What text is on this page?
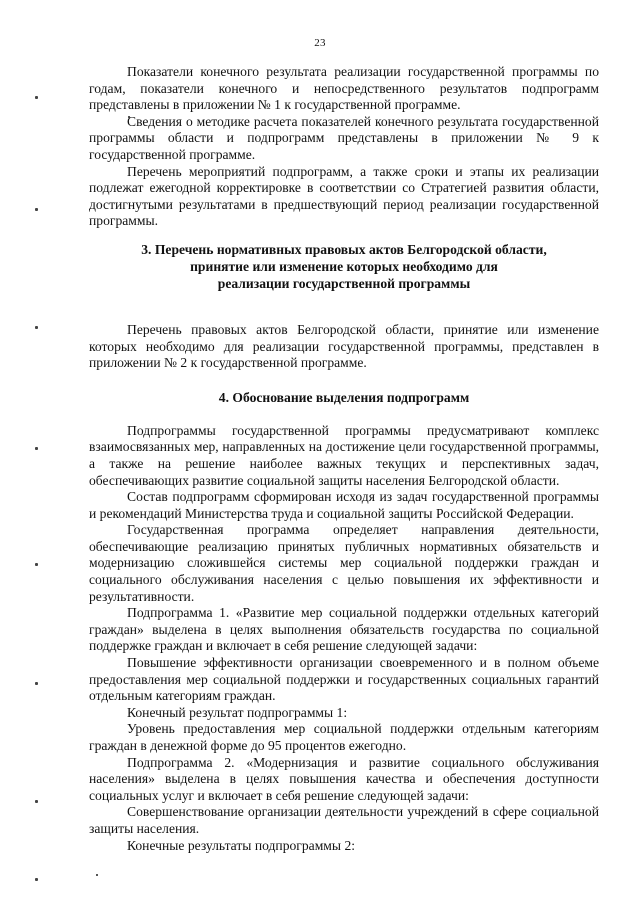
23

Показатели конечного результата реализации государственной программы по годам, показатели конечного и непосредственного результатов подпрограмм представлены в приложении № 1 к государственной программе.

Сведения о методике расчета показателей конечного результата государственной программы области и подпрограмм представлены в приложении № 9 к государственной программе.

Перечень мероприятий подпрограмм, а также сроки и этапы их реализации подлежат ежегодной корректировке в соответствии со Стратегией развития области, достигнутыми результатами в предшествующий период реализации государственной программы.

3. Перечень нормативных правовых актов Белгородской области,
принятие или изменение которых необходимо для
реализации государственной программы

Перечень правовых актов Белгородской области, принятие или изменение которых необходимо для реализации государственной программы, представлен в приложении № 2 к государственной программе.

4. Обоснование выделения подпрограмм

Подпрограммы государственной программы предусматривают комплекс взаимосвязанных мер, направленных на достижение цели государственной программы, а также на решение наиболее важных текущих и перспективных задач, обеспечивающих развитие социальной защиты населения Белгородской области.

Состав подпрограмм сформирован исходя из задач государственной программы и рекомендаций Министерства труда и социальной защиты Российской Федерации.

Государственная программа определяет направления деятельности, обеспечивающие реализацию принятых публичных нормативных обязательств и модернизацию сложившейся системы мер социальной поддержки граждан и социального обслуживания населения с целью повышения их эффективности и результативности.

Подпрограмма 1. «Развитие мер социальной поддержки отдельных категорий граждан» выделена в целях выполнения обязательств государства по социальной поддержке граждан и включает в себя решение следующей задачи:

Повышение эффективности организации своевременного и в полном объеме предоставления мер социальной поддержки и государственных социальных гарантий отдельным категориям граждан.

Конечный результат подпрограммы 1:

Уровень предоставления мер социальной поддержки отдельным категориям граждан в денежной форме до 95 процентов ежегодно.

Подпрограмма 2. «Модернизация и развитие социального обслуживания населения» выделена в целях повышения качества и обеспечения доступности социальных услуг и включает в себя решение следующей задачи:

Совершенствование организации деятельности учреждений в сфере социальной защиты населения.

Конечные результаты подпрограммы 2:
